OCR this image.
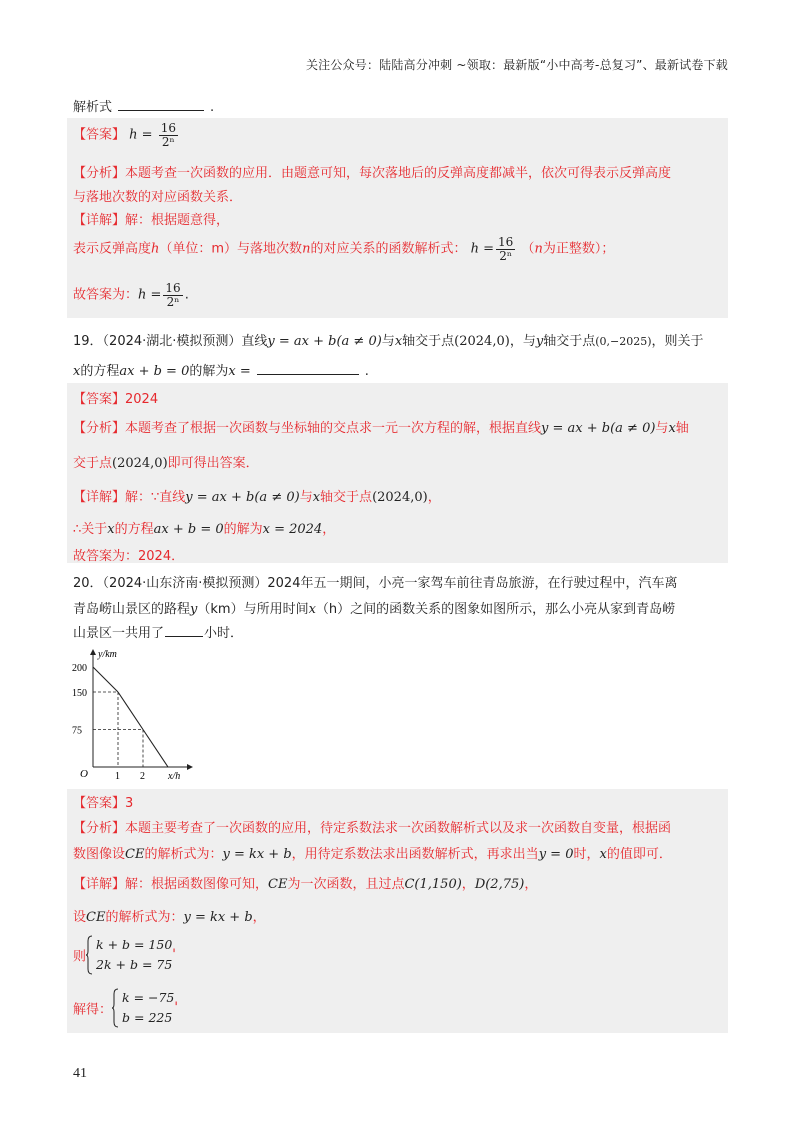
关注公众号：陆陆高分冲刺 ~领取：最新版“小中高考-总复习”、最新试卷下载
解析式	.
【答案】 $h = \frac{16}{\text{2ⁿ}}$
【分析】本题考查一次函数的应用．由题意可知，每次落地后的反弹高度都减半，依次可得表示反弹高度
与落地次数的对应函数关系．
【详解】解：根据题意得，
表示反弹高度h（单位：m）与落地次数n的对应关系的函数解析式： $h = \frac{16}{\text{2ⁿ}} (n$为正整数）；
故答案为：$h = \frac{16}{\text{2ⁿ}}$ .
19．（2024·湖北·模拟预测）直线y = ax + b(a ≠ 0)与x轴交于点(2024,0)，与y轴交于点(0,−2025)，则关于
x的方程ax + b = 0的解为x =	.
【答案】2024
【分析】本题考查了根据一次函数与坐标轴的交点求一元一次方程的解，根据直线y = ax + b(a ≠ 0)与x轴
交于点(2024,0)即可得出答案．
【详解】解：∵直线y = ax + b(a ≠ 0)与x轴交于点(2024,0)，
∴关于x的方程ax + b = 0的解为x = 2024，
故答案为：2024．
20．（2024·山东济南·模拟预测）2024年五一期间，小亮一家驾车前往青岛旅游，在行驶过程中，汽车离
青岛崂山景区的路程y（km）与所用时间x（h）之间的函数关系的图象如图所示，那么小亮从家到青岛崂
山景区一共用了	小时．
y/km
x/h
O
200
150
75
1 2
【答案】3
【分析】本题主要考查了一次函数的应用，待定系数法求一次函数解析式以及求一次函数自变量，根据函
数图像设CE的解析式为：y = kx + b，用待定系数法求出函数解析式，再求出当y = 0时，x的值即可．
【详解】解：根据函数图像可知，CE为一次函数，且过点C(1,150)，D(2,75)，
设CE的解析式为：y = kx + b，
则
k + b = 150
2k + b = 75
'
解得：
k = −75
b = 225
'
41
